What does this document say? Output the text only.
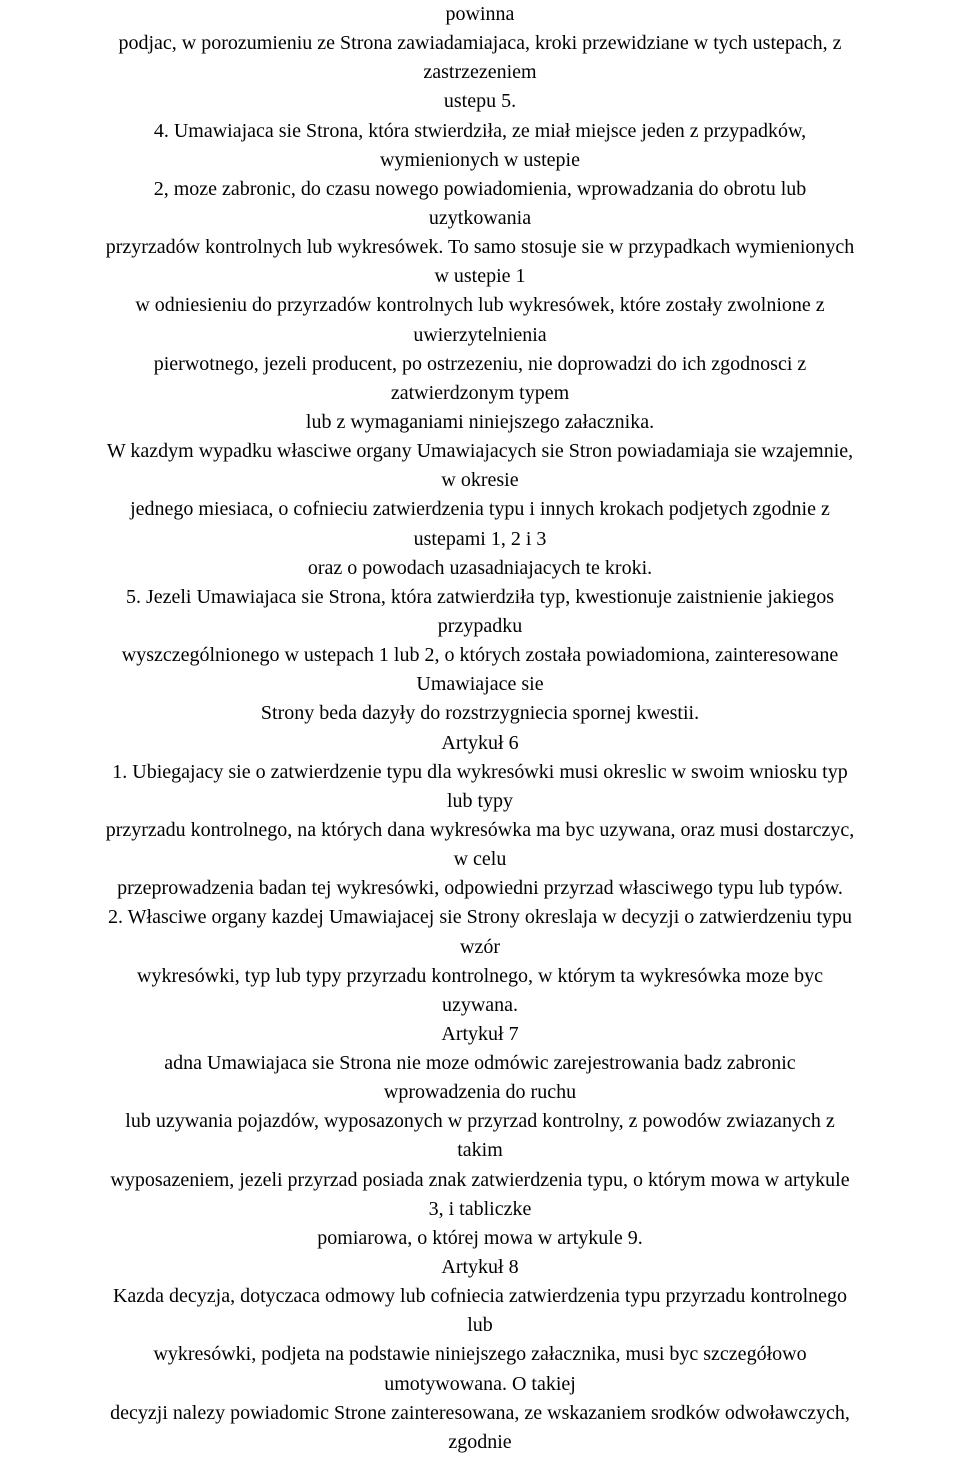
powinna
podjac, w porozumieniu ze Strona zawiadamiajaca, kroki przewidziane w tych ustepach, z
zastrzezeniem
ustepu 5.
4. Umawiajaca sie Strona, która stwierdziła, ze miał miejsce jeden z przypadków,
wymienionych w ustepie
2, moze zabronic, do czasu nowego powiadomienia, wprowadzania do obrotu lub
uzytkowania
przyrzadów kontrolnych lub wykresówek. To samo stosuje sie w przypadkach wymienionych
w ustepie 1
w odniesieniu do przyrzadów kontrolnych lub wykresówek, które zostały zwolnione z
uwierzytelnienia
pierwotnego, jezeli producent, po ostrzezeniu, nie doprowadzi do ich zgodnosci z
zatwierdzonym typem
lub z wymaganiami niniejszego załacznika.
W kazdym wypadku własciwe organy Umawiajacych sie Stron powiadamiaja sie wzajemnie,
w okresie
jednego miesiaca, o cofnieciu zatwierdzenia typu i innych krokach podjetych zgodnie z
ustepami 1, 2 i 3
oraz o powodach uzasadniajacych te kroki.
5. Jezeli Umawiajaca sie Strona, która zatwierdziła typ, kwestionuje zaistnienie jakiegos
przypadku
wyszczególnionego w ustepach 1 lub 2, o których została powiadomiona, zainteresowane
Umawiajace sie
Strony beda dazyły do rozstrzygniecia spornej kwestii.
Artykuł 6
1. Ubiegajacy sie o zatwierdzenie typu dla wykresówki musi okreslic w swoim wniosku typ
lub typy
przyrzadu kontrolnego, na których dana wykresówka ma byc uzywana, oraz musi dostarczyc,
w celu
przeprowadzenia badan tej wykresówki, odpowiedni przyrzad własciwego typu lub typów.
2. Własciwe organy kazdej Umawiajacej sie Strony okreslaja w decyzji o zatwierdzeniu typu
wzór
wykresówki, typ lub typy przyrzadu kontrolnego, w którym ta wykresówka moze byc
uzywana.
Artykuł 7
adna Umawiajaca sie Strona nie moze odmówic zarejestrowania badz zabronic
wprowadzenia do ruchu
lub uzywania pojazdów, wyposazonych w przyrzad kontrolny, z powodów zwiazanych z
takim
wyposazeniem, jezeli przyrzad posiada znak zatwierdzenia typu, o którym mowa w artykule
3, i tabliczke
pomiarowa, o której mowa w artykule 9.
Artykuł 8
Kazda decyzja, dotyczaca odmowy lub cofniecia zatwierdzenia typu przyrzadu kontrolnego
lub
wykresówki, podjeta na podstawie niniejszego załacznika, musi byc szczegółowo
umotywowana. O takiej
decyzji nalezy powiadomic Strone zainteresowana, ze wskazaniem srodków odwoławczych,
zgodnie
